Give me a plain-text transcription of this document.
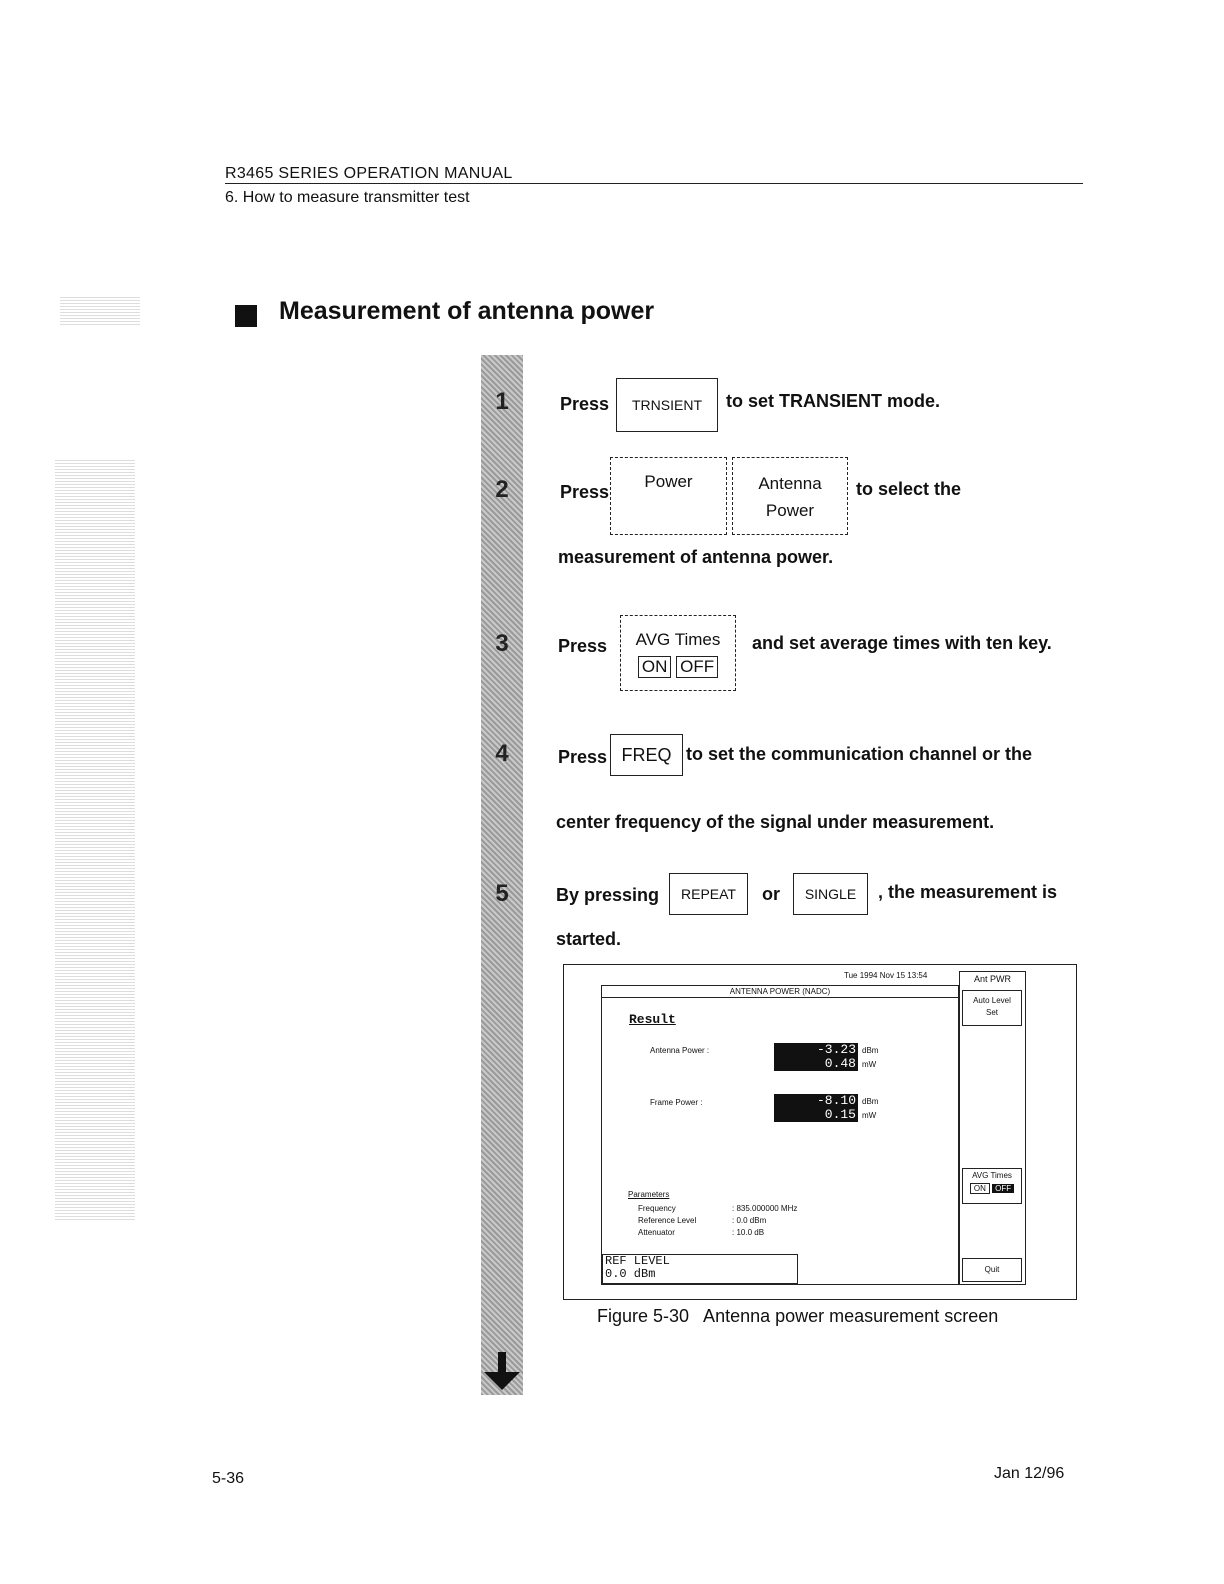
R3465 SERIES OPERATION MANUAL
6. How to measure transmitter test
Measurement of antenna power
1
2
3
4
5
Press	TRNSIENT	to set TRANSIENT mode.
Press
Power	Antenna
Power
to select the
measurement of antenna power.
Press	AVG Times
ON OFF
and set average times with ten key.
Press FREQ to set the communication channel or the
center frequency of the signal under measurement.
By pressing	REPEAT	or	SINGLE	, the measurement is
started.
Tue 1994 Nov 15 13:54
ANTENNA POWER (NADC)
Result
Antenna Power :	-3.23 dBm
0.48 mW
Frame Power :	-8.10 dBm
0.15 mW
Parameters
Frequency	: 835.000000 MHz
Reference Level	: 0.0 dBm
Attenuator	: 10.0 dB
REF LEVEL
0.0 dBm
Ant PWR
Auto Level
Set
AVG Times
ON OFF
Quit
Figure 5-30   Antenna power measurement screen
5-36	Jan 12/96
